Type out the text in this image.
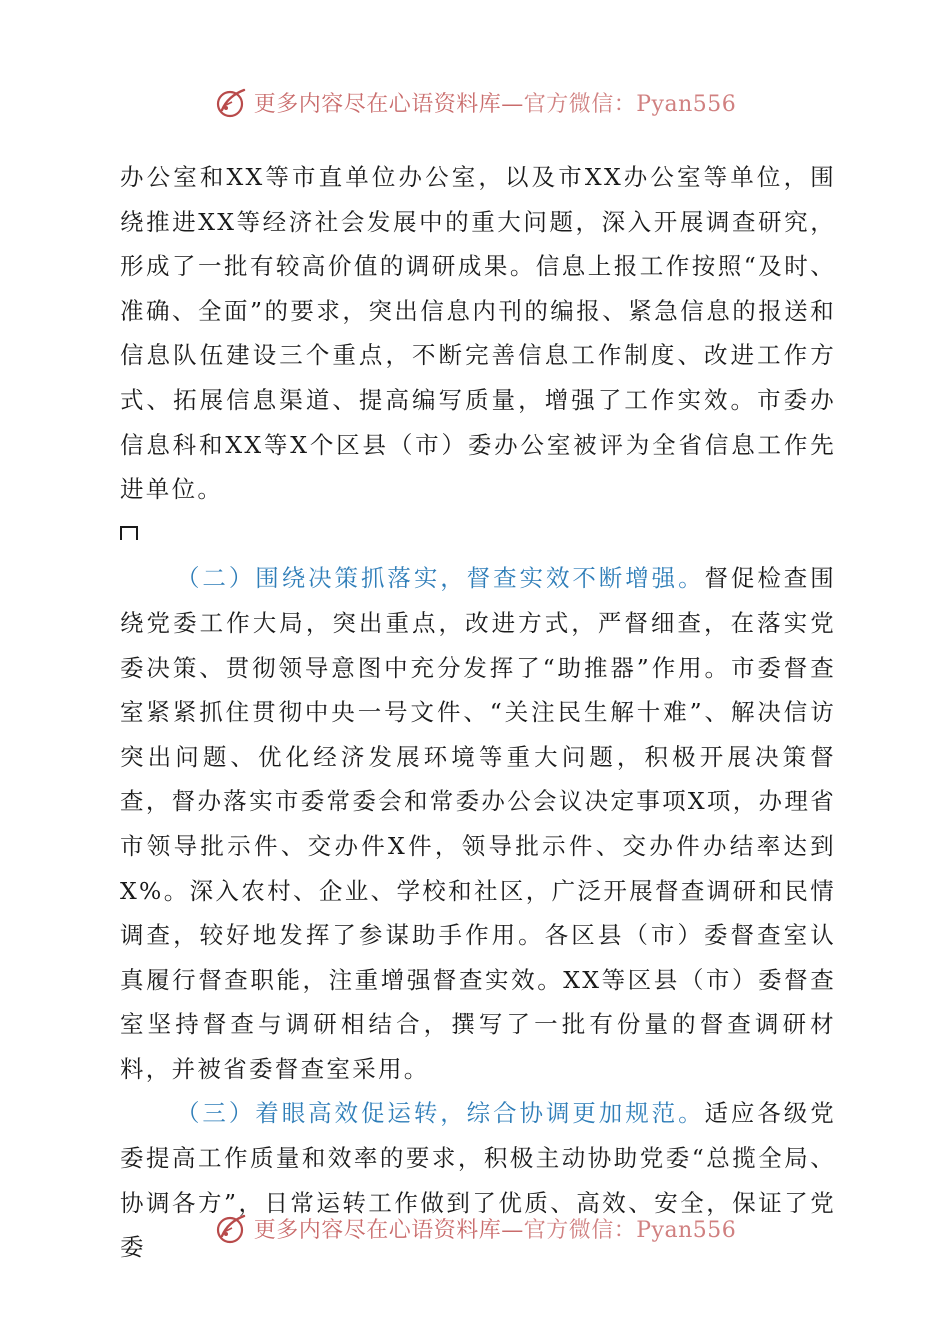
更多内容尽在心语资料库—官方微信：Pyan556

办公室和XX等市直单位办公室，以及市XX办公室等单位，围绕推进XX等经济社会发展中的重大问题，深入开展调查研究，形成了一批有较高价值的调研成果。信息上报工作按照“及时、准确、全面”的要求，突出信息内刊的编报、紧急信息的报送和信息队伍建设三个重点，不断完善信息工作制度、改进工作方式、拓展信息渠道、提高编写质量，增强了工作实效。市委办信息科和XX等X个区县（市）委办公室被评为全省信息工作先进单位。

（二）围绕决策抓落实，督查实效不断增强。督促检查围绕党委工作大局，突出重点，改进方式，严督细查，在落实党委决策、贯彻领导意图中充分发挥了“助推器”作用。市委督查室紧紧抓住贯彻中央一号文件、“关注民生解十难”、解决信访突出问题、优化经济发展环境等重大问题，积极开展决策督查，督办落实市委常委会和常委办公会议决定事项X项，办理省市领导批示件、交办件X件，领导批示件、交办件办结率达到X%。深入农村、企业、学校和社区，广泛开展督查调研和民情调查，较好地发挥了参谋助手作用。各区县（市）委督查室认真履行督查职能，注重增强督查实效。XX等区县（市）委督查室坚持督查与调研相结合，撰写了一批有份量的督查调研材料，并被省委督查室采用。

（三）着眼高效促运转，综合协调更加规范。适应各级党委提高工作质量和效率的要求，积极主动协助党委“总揽全局、协调各方”，日常运转工作做到了优质、高效、安全，保证了党委

更多内容尽在心语资料库—官方微信：Pyan556
